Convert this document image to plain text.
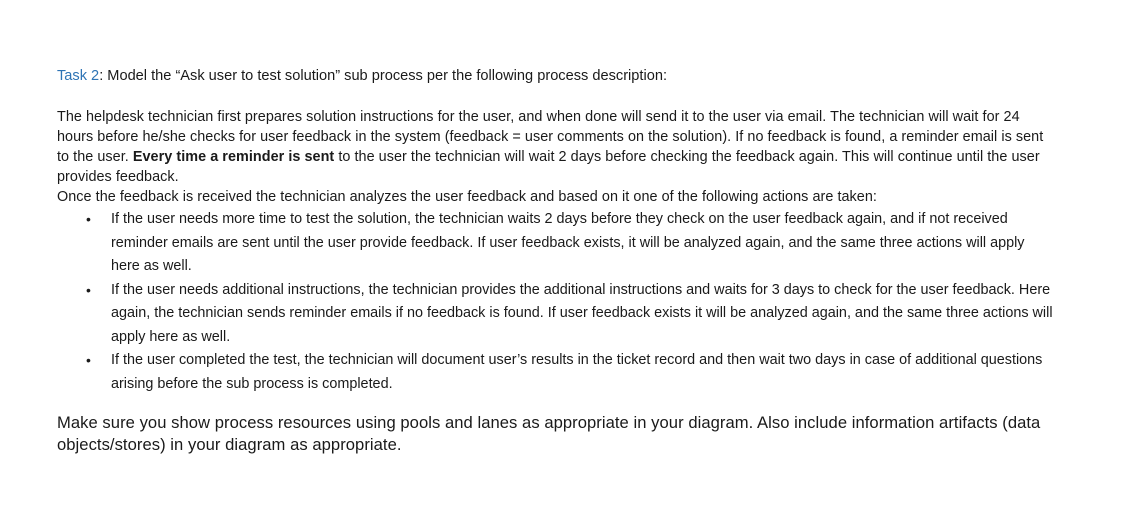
Task 2: Model the “Ask user to test solution” sub process per the following process description:

The helpdesk technician first prepares solution instructions for the user, and when done will send it to the user via email. The technician will wait for 24 hours before he/she checks for user feedback in the system (feedback = user comments on the solution). If no feedback is found, a reminder email is sent to the user. Every time a reminder is sent to the user the technician will wait 2 days before checking the feedback again. This will continue until the user provides feedback.

Once the feedback is received the technician analyzes the user feedback and based on it one of the following actions are taken:

• If the user needs more time to test the solution, the technician waits 2 days before they check on the user feedback again, and if not received reminder emails are sent until the user provide feedback. If user feedback exists, it will be analyzed again, and the same three actions will apply here as well.
• If the user needs additional instructions, the technician provides the additional instructions and waits for 3 days to check for the user feedback. Here again, the technician sends reminder emails if no feedback is found. If user feedback exists it will be analyzed again, and the same three actions will apply here as well.
• If the user completed the test, the technician will document user’s results in the ticket record and then wait two days in case of additional questions arising before the sub process is completed.

Make sure you show process resources using pools and lanes as appropriate in your diagram. Also include information artifacts (data objects/stores) in your diagram as appropriate.
